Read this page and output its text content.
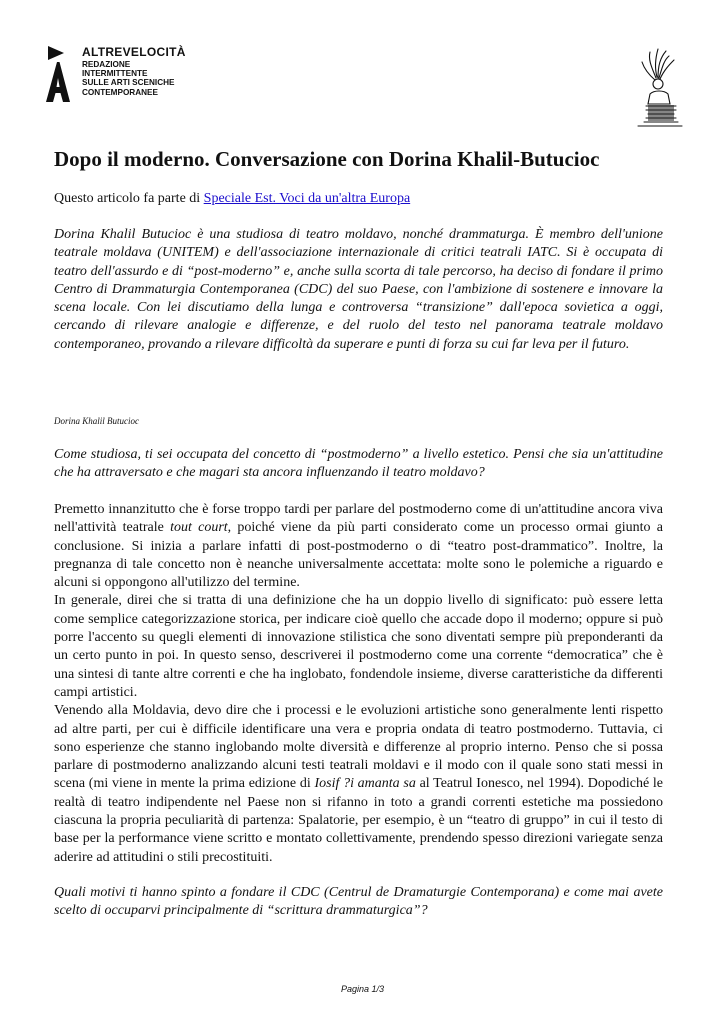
ALTREVELOCITÀ
REDAZIONE
INTERMITTENTE
SULLE ARTI SCENICHE
CONTEMPORANEE
Dopo il moderno. Conversazione con Dorina Khalil-Butucioc
Questo articolo fa parte di Speciale Est. Voci da un'altra Europa

Dorina Khalil Butucioc è una studiosa di teatro moldavo, nonché drammaturga. È membro dell'unione teatrale moldava (UNITEM) e dell'associazione internazionale di critici teatrali IATC. Si è occupata di teatro dell'assurdo e di “post-moderno” e, anche sulla scorta di tale percorso, ha deciso di fondare il primo Centro di Drammaturgia Contemporanea (CDC) del suo Paese, con l'ambizione di sostenere e innovare la scena locale. Con lei discutiamo della lunga e controversa “transizione” dall'epoca sovietica a oggi, cercando di rilevare analogie e differenze, e del ruolo del testo nel panorama teatrale moldavo contemporaneo, provando a rilevare difficoltà da superare e punti di forza su cui far leva per il futuro.

Dorina Khalil Butucioc

Come studiosa, ti sei occupata del concetto di “postmoderno” a livello estetico. Pensi che sia un'attitudine che ha attraversato e che magari sta ancora influenzando il teatro moldavo?

Premetto innanzitutto che è forse troppo tardi per parlare del postmoderno come di un'attitudine ancora viva nell'attività teatrale tout court, poiché viene da più parti considerato come un processo ormai giunto a conclusione. Si inizia a parlare infatti di post-postmoderno o di “teatro post-drammatico”. Inoltre, la pregnanza di tale concetto non è neanche universalmente accettata: molte sono le polemiche a riguardo e alcuni si oppongono all'utilizzo del termine.

In generale, direi che si tratta di una definizione che ha un doppio livello di significato: può essere letta come semplice categorizzazione storica, per indicare cioè quello che accade dopo il moderno; oppure si può porre l'accento su quegli elementi di innovazione stilistica che sono diventati sempre più preponderanti da un certo punto in poi. In questo senso, descriverei il postmoderno come una corrente “democratica” che è una sintesi di tante altre correnti e che ha inglobato, fondendole insieme, diverse caratteristiche da differenti campi artistici.

Venendo alla Moldavia, devo dire che i processi e le evoluzioni artistiche sono generalmente lenti rispetto ad altre parti, per cui è difficile identificare una vera e propria ondata di teatro postmoderno. Tuttavia, ci sono esperienze che stanno inglobando molte diversità e differenze al proprio interno. Penso che si possa parlare di postmoderno analizzando alcuni testi teatrali moldavi e il modo con il quale sono stati messi in scena (mi viene in mente la prima edizione di Iosif ?i amanta sa al Teatrul Ionesco, nel 1994). Dopodiché le realtà di teatro indipendente nel Paese non si rifanno in toto a grandi correnti estetiche ma possiedono ciascuna la propria peculiarità di partenza: Spalatorie, per esempio, è un “teatro di gruppo” in cui il testo di base per la performance viene scritto e montato collettivamente, prendendo spesso direzioni variegate senza aderire ad attitudini o stili precostituiti.

Quali motivi ti hanno spinto a fondare il CDC (Centrul de Dramaturgie Contemporana) e come mai avete scelto di occuparvi principalmente di “scrittura drammaturgica”?

Pagina 1/3
